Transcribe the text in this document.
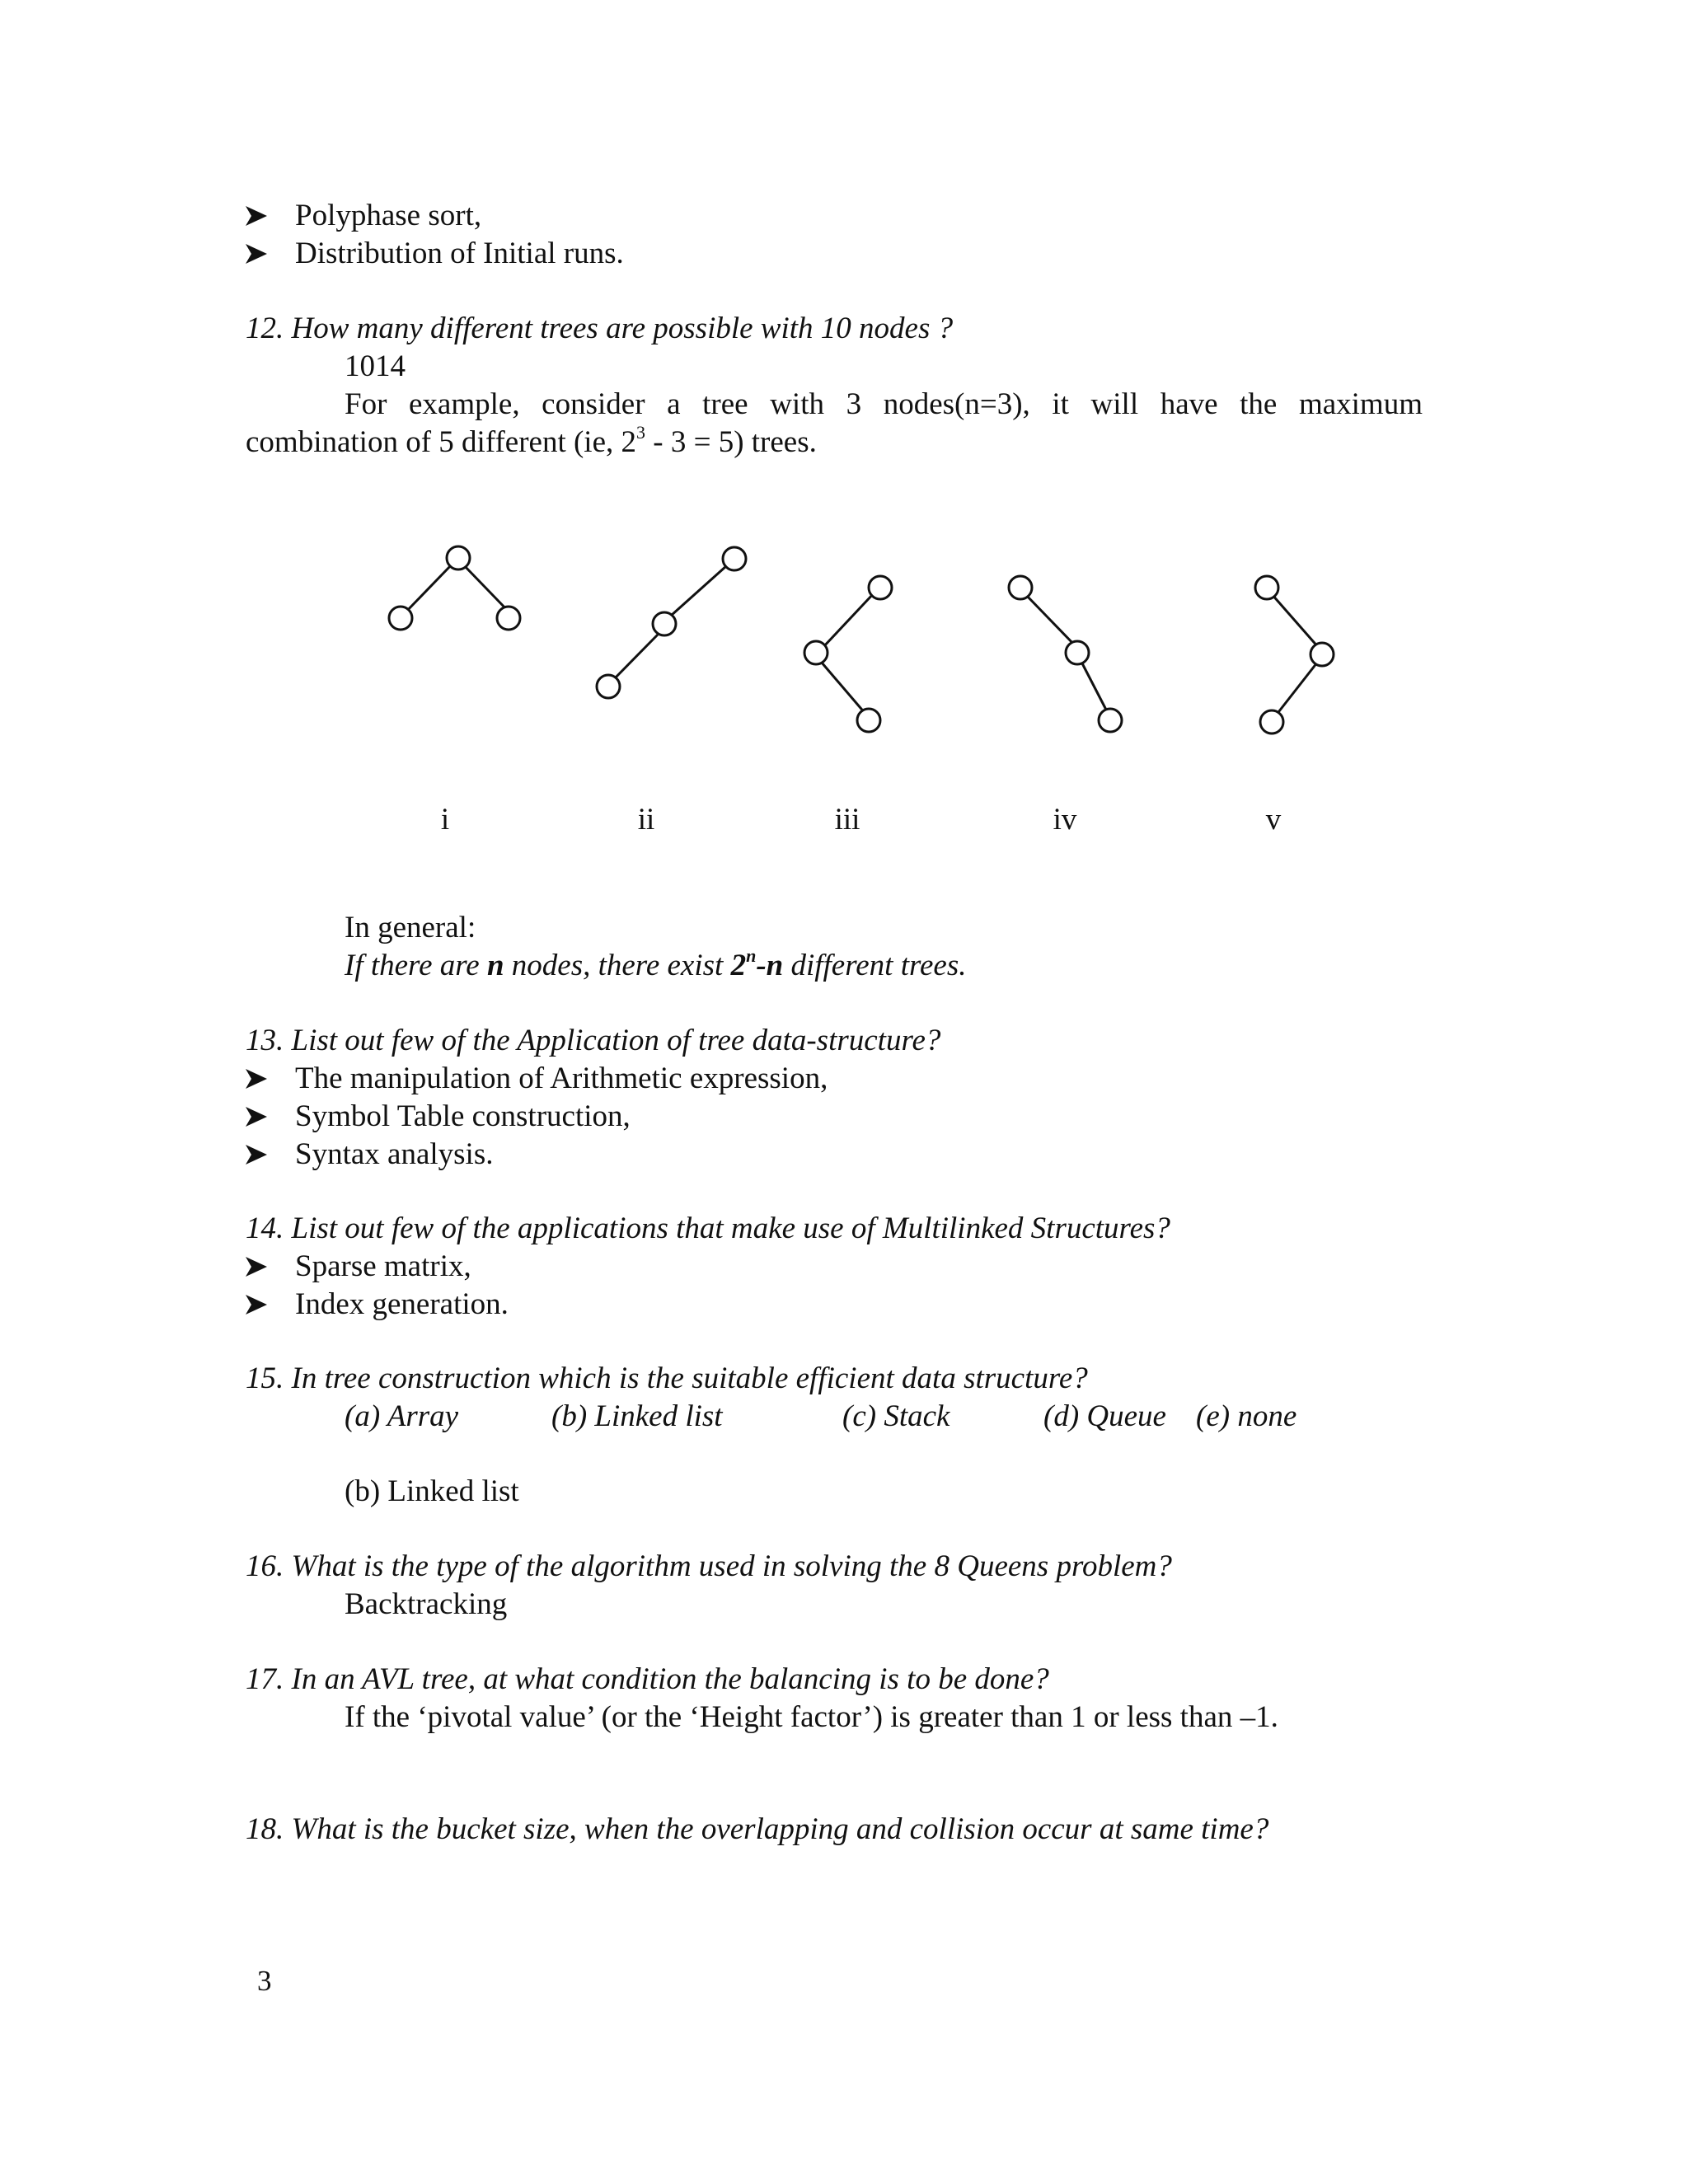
Polyphase sort,
Distribution of Initial runs.
12. How many different trees are possible with 10 nodes ?
1014
For example, consider a tree with 3 nodes(n=3), it will have the maximum
combination of 5 different (ie, $2^3 - 3 = 5$) trees.
i	ii	iii	iv	v
In general:
If there are n nodes, there exist 2$^n$-n different trees.
13. List out few of the Application of tree data-structure?
The manipulation of Arithmetic expression,
Symbol Table construction,
Syntax analysis.
14. List out few of the applications that make use of Multilinked Structures?
Sparse matrix,
Index generation.
15. In tree construction which is the suitable efficient data structure?
(a) Array	(b) Linked list	(c) Stack	(d) Queue (e) none
(b) Linked list
16. What is the type of the algorithm used in solving the 8 Queens problem?
Backtracking
17. In an AVL tree, at what condition the balancing is to be done?
If the ‘pivotal value’ (or the ‘Height factor’) is greater than 1 or less than –1.
18. What is the bucket size, when the overlapping and collision occur at same time?
3
